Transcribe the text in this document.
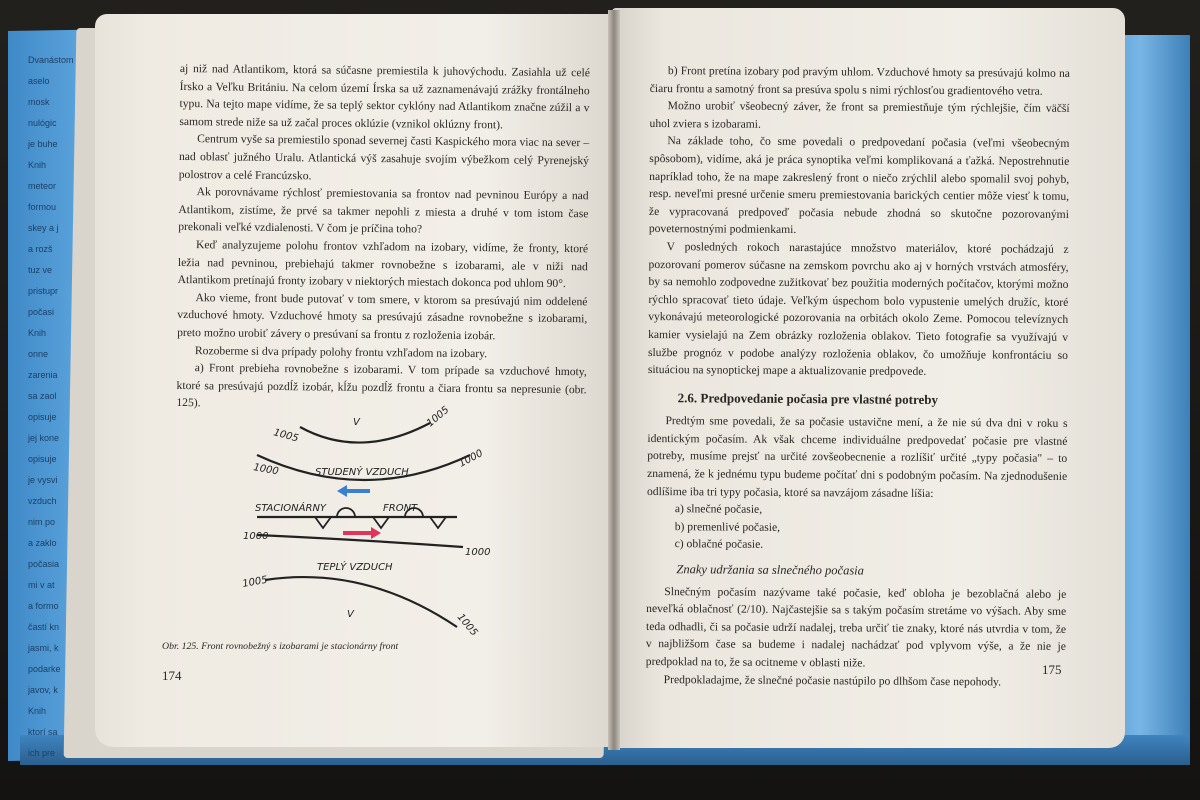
Dvanástom
aselo
mosk
nulógic
je buhe
Knih
meteor
formou
skey a j
a rozš
tuz ve
pristupr
počasi
Knih
onne
zarenia
sa zaol
opisuje
jej kone
opisuje
je vysvi
vzduch
nim po
a zaklo
počasia
mi v at
a formo
častí kn
jasmi, k
podarke
javov, k
Knih
ktorí sa
ich pre

aj niž nad Atlantikom, ktorá sa súčasne premiestila k juhovýchodu. Zasiahla už celé Írsko a Veľku Britániu. Na celom území Írska sa už zaznamenávajú zrážky frontálneho typu. Na tejto mape vidíme, že sa teplý sektor cyklóny nad Atlantikom značne zúžil a v samom strede niže sa už začal proces oklúzie (vznikol oklúzny front).

Centrum vyše sa premiestilo sponad severnej časti Kaspického mora viac na sever – nad oblasť južného Uralu. Atlantická výš zasahuje svojím výbežkom celý Pyrenejský polostrov a celé Francúzsko.

Ak porovnávame rýchlosť premiestovania sa frontov nad pevninou Európy a nad Atlantikom, zistíme, že prvé sa takmer nepohli z miesta a druhé v tom istom čase prekonali veľké vzdialenosti. V čom je príčina toho?

Keď analyzujeme polohu frontov vzhľadom na izobary, vidíme, že fronty, ktoré ležia nad pevninou, prebiehajú takmer rovnobežne s izobarami, ale v niži nad Atlantikom pretínajú fronty izobary v niektorých miestach dokonca pod uhlom 90°.

Ako vieme, front bude putovať v tom smere, v ktorom sa presúvajú nim oddelené vzduchové hmoty. Vzduchové hmoty sa presúvajú zásadne rovnobežne s izobarami, preto možno urobiť závery o presúvaní sa frontu z rozloženia izobár.

Rozoberme si dva prípady polohy frontu vzhľadom na izobary.

a) Front prebieha rovnobežne s izobarami. V tom prípade sa vzduchové hmoty, ktoré sa presúvajú pozdĺž izobár, kĺžu pozdĺž frontu a čiara frontu sa nepresunie (obr. 125).

1005
V	1005
1000	STUDENÝ VZDUCH
1000
STACIONÁRNY	FRONT
1000
1000
TEPLÝ VZDUCH
1005
V	1005
Obr. 125. Front rovnobežný s izobarami je stacionárny front
174

b) Front pretína izobary pod pravým uhlom. Vzduchové hmoty sa presúvajú kolmo na čiaru frontu a samotný front sa presúva spolu s nimi rýchlosťou gradientového vetra.

Možno urobiť všeobecný záver, že front sa premiestňuje tým rýchlejšie, čím väčší uhol zviera s izobarami.

Na základe toho, čo sme povedali o predpovedaní počasia (veľmi všeobecným spôsobom), vidíme, aká je práca synoptika veľmi komplikovaná a ťažká. Nepostrehnutie napríklad toho, že na mape zakreslený front o niečo zrýchlil alebo spomalil svoj pohyb, resp. neveľmi presné určenie smeru premiestovania barických centier môže viesť k tomu, že vypracovaná predpoveď počasia nebude zhodná so skutočne pozorovanými poveternostnými podmienkami.

V posledných rokoch narastajúce množstvo materiálov, ktoré pochádzajú z pozorovaní pomerov súčasne na zemskom povrchu ako aj v horných vrstvách atmosféry, by sa nemohlo zodpovedne zužitkovať bez použitia moderných počítačov, ktorými možno rýchlo spracovať tieto údaje. Veľkým úspechom bolo vypustenie umelých družíc, ktoré vykonávajú meteorologické pozorovania na orbitách okolo Zeme. Pomocou televíznych kamier vysielajú na Zem obrázky rozloženia oblakov. Tieto fotografie sa využívajú v službe prognóz v podobe analýzy rozloženia oblakov, čo umožňuje konfrontáciu so situáciou na synoptickej mape a aktualizovanie predpovede.

2.6. Predpovedanie počasia pre vlastné potreby

Predtým sme povedali, že sa počasie ustavične mení, a že nie sú dva dni v roku s identickým počasím. Ak však chceme individuálne predpovedať počasie pre vlastné potreby, musíme prejsť na určité zovšeobecnenie a rozlíšiť určité „typy počasia" – to znamená, že k jednému typu budeme počítať dni s podobným počasím. Na zjednodušenie odlíšime iba tri typy počasia, ktoré sa navzájom zásadne líšia:

a) slnečné počasie,

b) premenlivé počasie,

c) oblačné počasie.

Znaky udržania sa slnečného počasia

Slnečným počasím nazývame také počasie, keď obloha je bezoblačná alebo je neveľká oblačnosť (2/10). Najčastejšie sa s takým počasím stretáme vo výšach. Aby sme teda odhadli, či sa počasie udrží nadalej, treba určiť tie znaky, ktoré nás utvrdia v tom, že v najbližšom čase sa budeme i nadalej nachádzať pod vplyvom výše, a že nie je predpoklad na to, že sa ocitneme v oblasti niže.

Predpokladajme, že slnečné počasie nastúpilo po dlhšom čase nepohody.

175
